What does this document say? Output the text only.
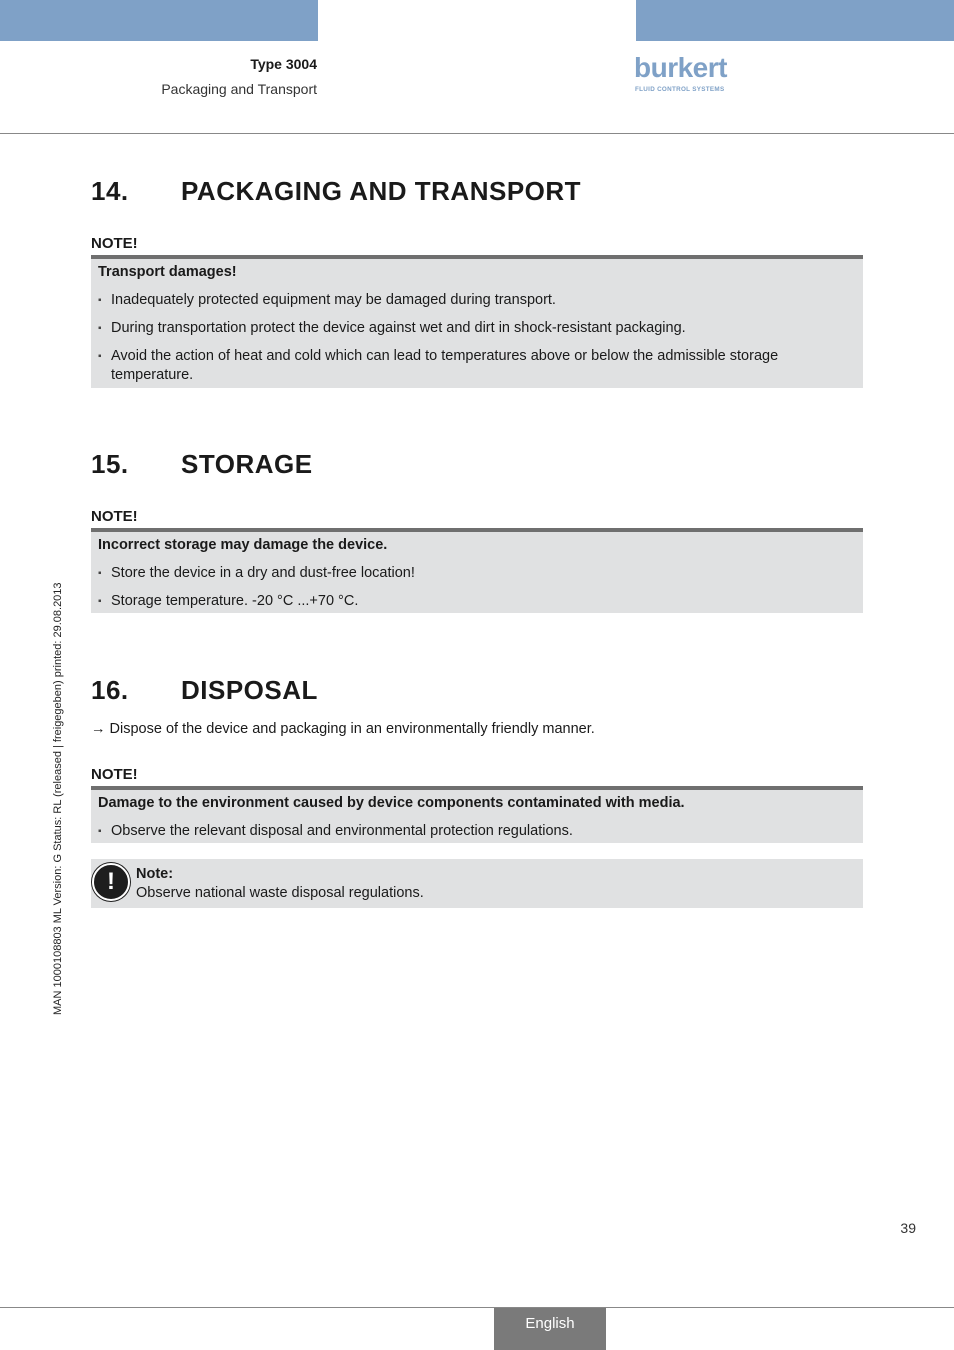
Type 3004
Packaging and Transport
burkert
FLUID CONTROL SYSTEMS
14. PACKAGING AND TRANSPORT
NOTE!
Transport damages!
▪ Inadequately protected equipment may be damaged during transport.
▪ During transportation protect the device against wet and dirt in shock-resistant packaging.
▪ Avoid the action of heat and cold which can lead to temperatures above or below the admissible storage temperature.
15. STORAGE
NOTE!
Incorrect storage may damage the device.
▪ Store the device in a dry and dust-free location!
▪ Storage temperature. -20 °C ...+70 °C.
16. DISPOSAL
→ Dispose of the device and packaging in an environmentally friendly manner.
NOTE!
Damage to the environment caused by device components contaminated with media.
▪ Observe the relevant disposal and environmental protection regulations.
!	Note:
Observe national waste disposal regulations.
MAN 1000108803 ML Version: G Status: RL (released | freigegeben) printed: 29.08.2013
39
English
